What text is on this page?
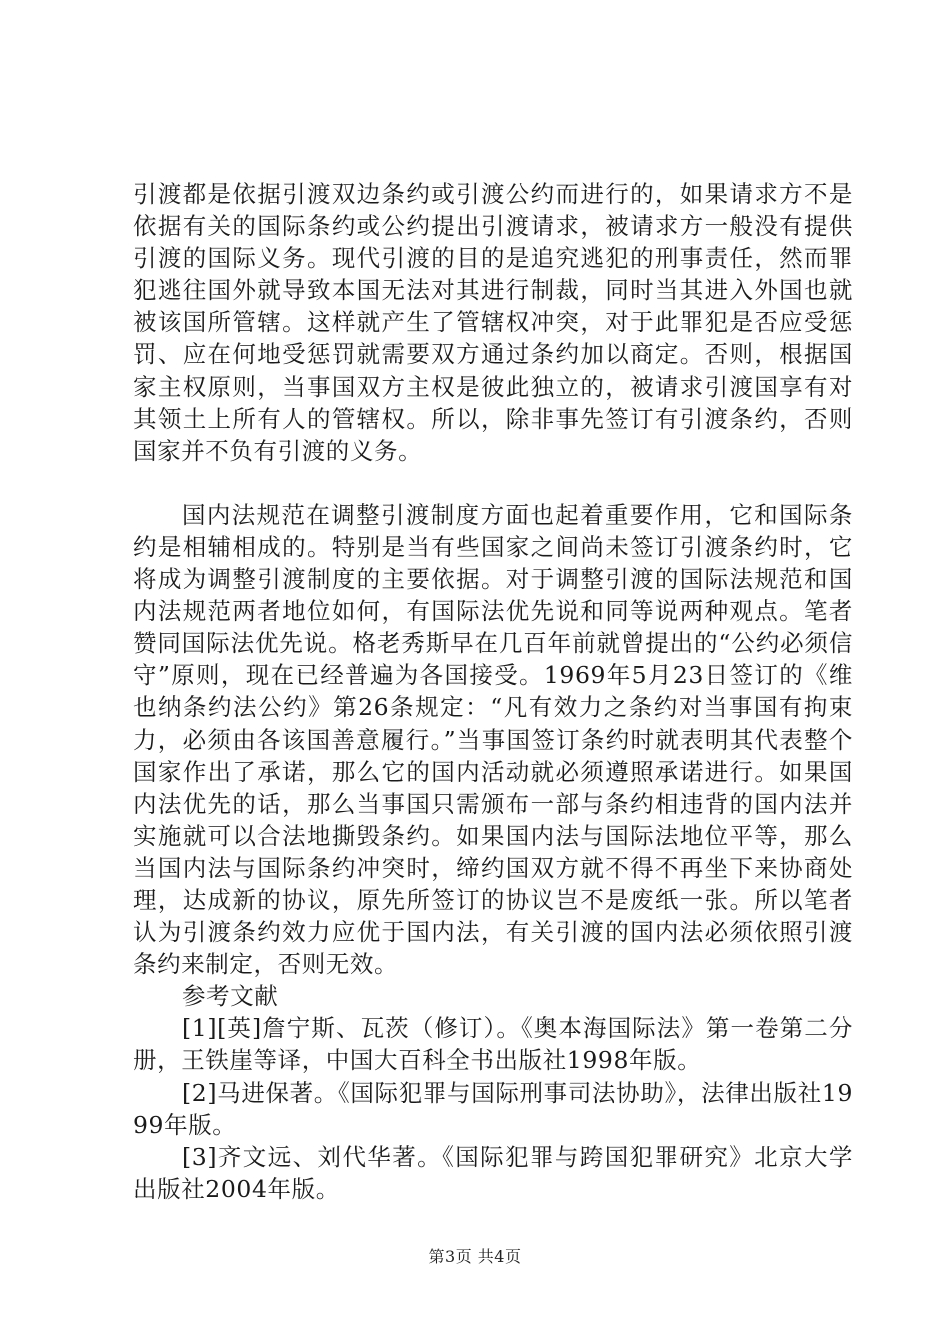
引渡都是依据引渡双边条约或引渡公约而进行的，如果请求方不是依据有关的国际条约或公约提出引渡请求，被请求方一般没有提供引渡的国际义务。现代引渡的目的是追究逃犯的刑事责任，然而罪犯逃往国外就导致本国无法对其进行制裁，同时当其进入外国也就被该国所管辖。这样就产生了管辖权冲突，对于此罪犯是否应受惩罚、应在何地受惩罚就需要双方通过条约加以商定。否则，根据国家主权原则，当事国双方主权是彼此独立的，被请求引渡国享有对其领土上所有人的管辖权。所以，除非事先签订有引渡条约，否则国家并不负有引渡的义务。

国内法规范在调整引渡制度方面也起着重要作用，它和国际条约是相辅相成的。特别是当有些国家之间尚未签订引渡条约时，它将成为调整引渡制度的主要依据。对于调整引渡的国际法规范和国内法规范两者地位如何，有国际法优先说和同等说两种观点。笔者赞同国际法优先说。格老秀斯早在几百年前就曾提出的“公约必须信守”原则，现在已经普遍为各国接受。1969年5月23日签订的《维也纳条约法公约》第26条规定：“凡有效力之条约对当事国有拘束力，必须由各该国善意履行。”当事国签订条约时就表明其代表整个国家作出了承诺，那么它的国内活动就必须遵照承诺进行。如果国内法优先的话，那么当事国只需颁布一部与条约相违背的国内法并实施就可以合法地撕毁条约。如果国内法与国际法地位平等，那么当国内法与国际条约冲突时，缔约国双方就不得不再坐下来协商处理，达成新的协议，原先所签订的协议岂不是废纸一张。所以笔者认为引渡条约效力应优于国内法，有关引渡的国内法必须依照引渡条约来制定，否则无效。

参考文献

[1][英]詹宁斯、瓦茨（修订）。《奥本海国际法》第一卷第二分册，王铁崖等译，中国大百科全书出版社1998年版。

[2]马进保著。《国际犯罪与国际刑事司法协助》，法律出版社1999年版。

[3]齐文远、刘代华著。《国际犯罪与跨国犯罪研究》北京大学出版社2004年版。

第3页 共4页
